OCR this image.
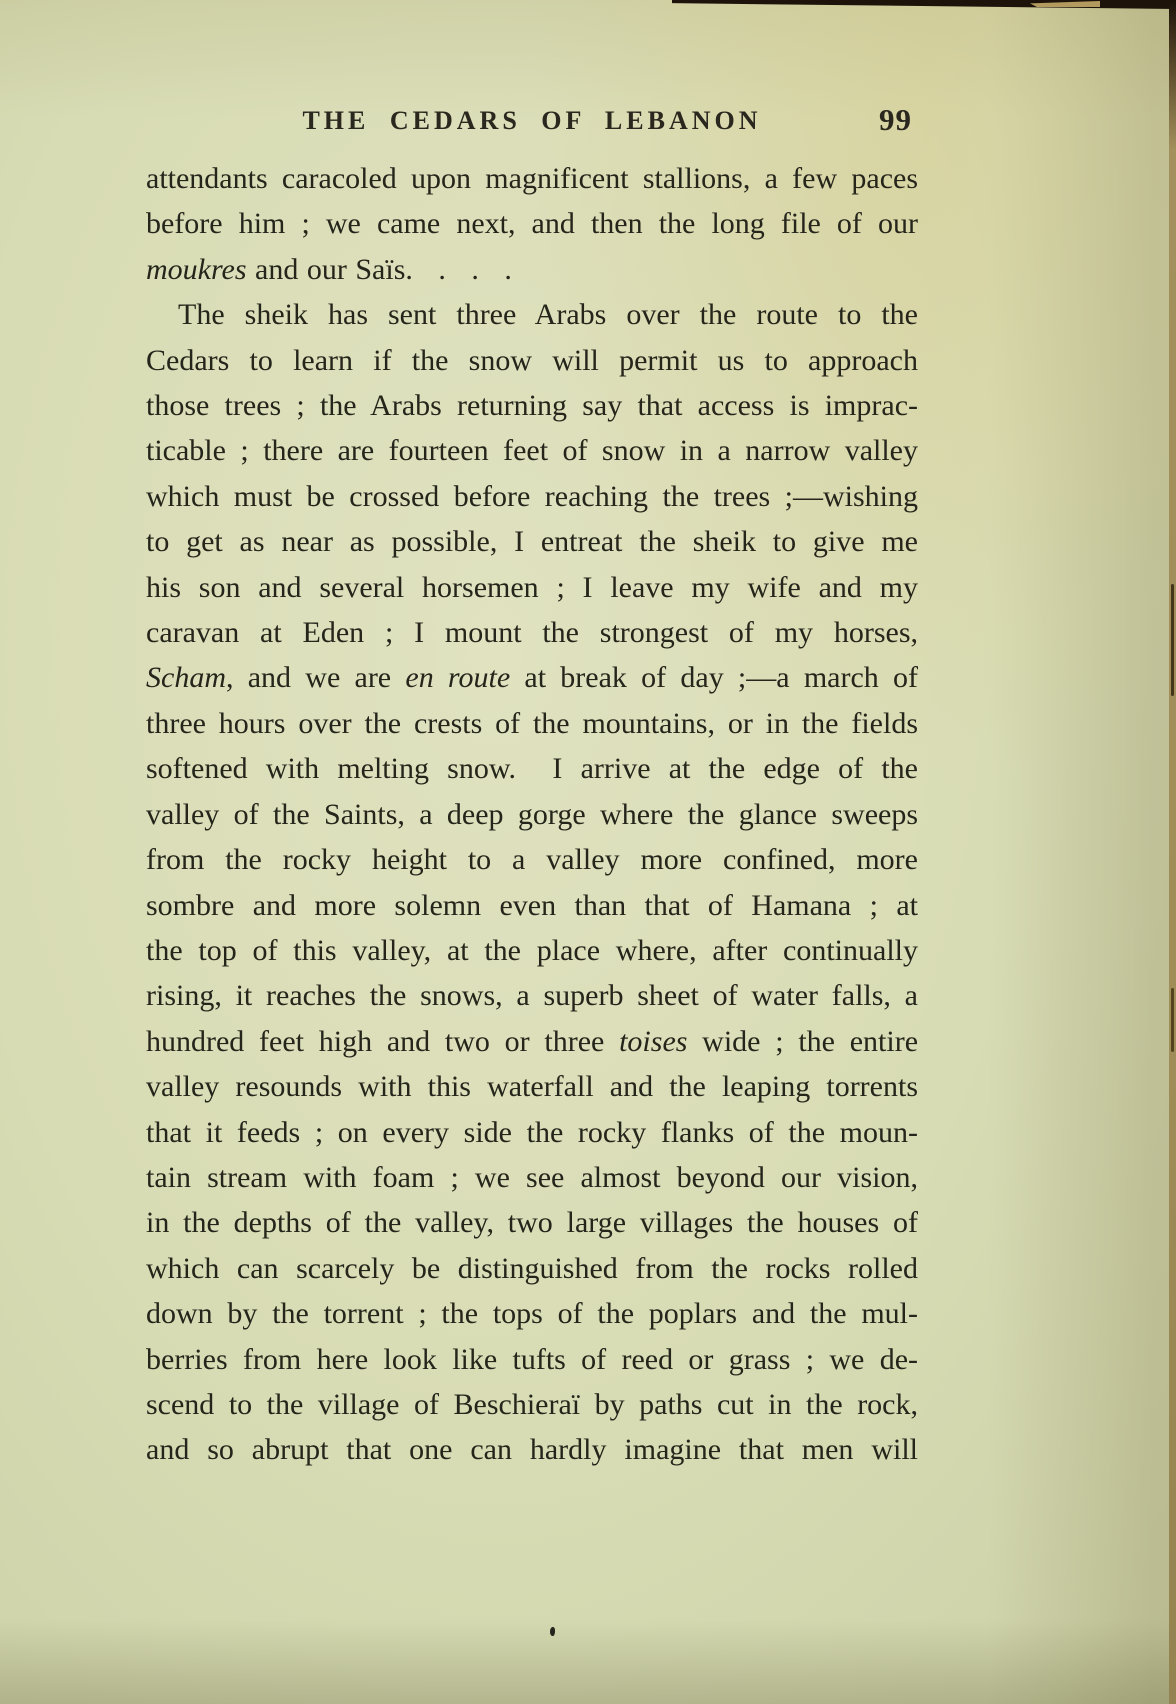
THE CEDARS OF LEBANON	99
attendants caracoled upon magnificent stallions, a few paces
before him ; we came next, and then the long file of our
moukres and our Saïs.   .   .   .
The sheik has sent three Arabs over the route to the
Cedars to learn if the snow will permit us to approach
those trees ; the Arabs returning say that access is imprac-
ticable ; there are fourteen feet of snow in a narrow valley
which must be crossed before reaching the trees ;—wishing
to get as near as possible, I entreat the sheik to give me
his son and several horsemen ; I leave my wife and my
caravan at Eden ; I mount the strongest of my horses,
Scham, and we are en route at break of day ;—a march of
three hours over the crests of the mountains, or in the fields
softened with melting snow.  I arrive at the edge of the
valley of the Saints, a deep gorge where the glance sweeps
from the rocky height to a valley more confined, more
sombre and more solemn even than that of Hamana ; at
the top of this valley, at the place where, after continually
rising, it reaches the snows, a superb sheet of water falls, a
hundred feet high and two or three toises wide ; the entire
valley resounds with this waterfall and the leaping torrents
that it feeds ; on every side the rocky flanks of the moun-
tain stream with foam ; we see almost beyond our vision,
in the depths of the valley, two large villages the houses of
which can scarcely be distinguished from the rocks rolled
down by the torrent ; the tops of the poplars and the mul-
berries from here look like tufts of reed or grass ; we de-
scend to the village of Beschieraï by paths cut in the rock,
and so abrupt that one can hardly imagine that men will
